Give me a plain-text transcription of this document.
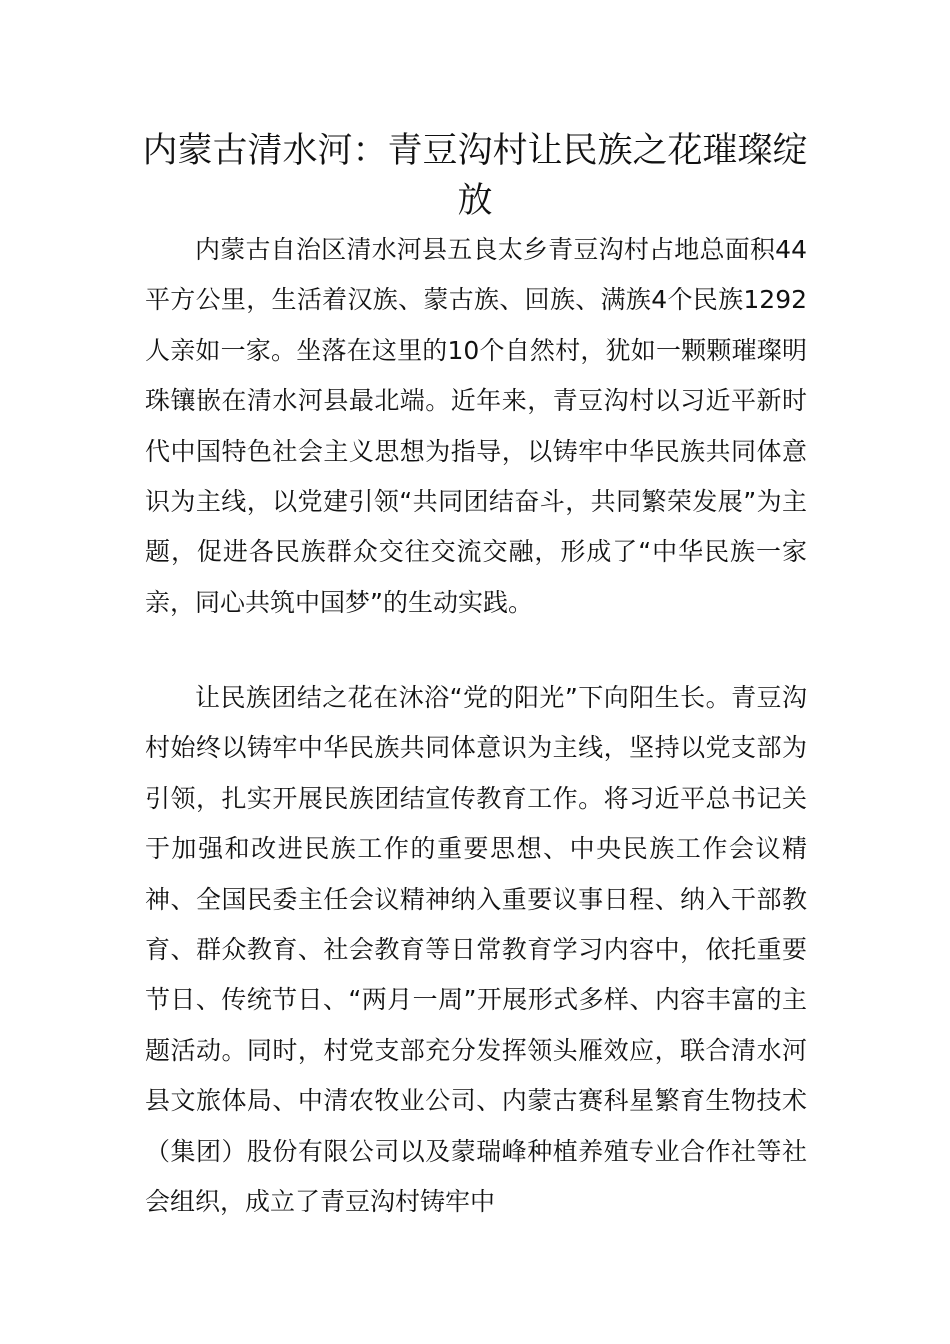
内蒙古清水河：青豆沟村让民族之花璀璨绽放

内蒙古自治区清水河县五良太乡青豆沟村占地总面积44平方公里，生活着汉族、蒙古族、回族、满族4个民族1292人亲如一家。坐落在这里的10个自然村，犹如一颗颗璀璨明珠镶嵌在清水河县最北端。近年来，青豆沟村以习近平新时代中国特色社会主义思想为指导，以铸牢中华民族共同体意识为主线，以党建引领“共同团结奋斗，共同繁荣发展”为主题，促进各民族群众交往交流交融，形成了“中华民族一家亲，同心共筑中国梦”的生动实践。

让民族团结之花在沐浴“党的阳光”下向阳生长。青豆沟村始终以铸牢中华民族共同体意识为主线，坚持以党支部为引领，扎实开展民族团结宣传教育工作。将习近平总书记关于加强和改进民族工作的重要思想、中央民族工作会议精神、全国民委主任会议精神纳入重要议事日程、纳入干部教育、群众教育、社会教育等日常教育学习内容中，依托重要节日、传统节日、“两月一周”开展形式多样、内容丰富的主题活动。同时，村党支部充分发挥领头雁效应，联合清水河县文旅体局、中清农牧业公司、内蒙古赛科星繁育生物技术（集团）股份有限公司以及蒙瑞峰种植养殖专业合作社等社会组织，成立了青豆沟村铸牢中
